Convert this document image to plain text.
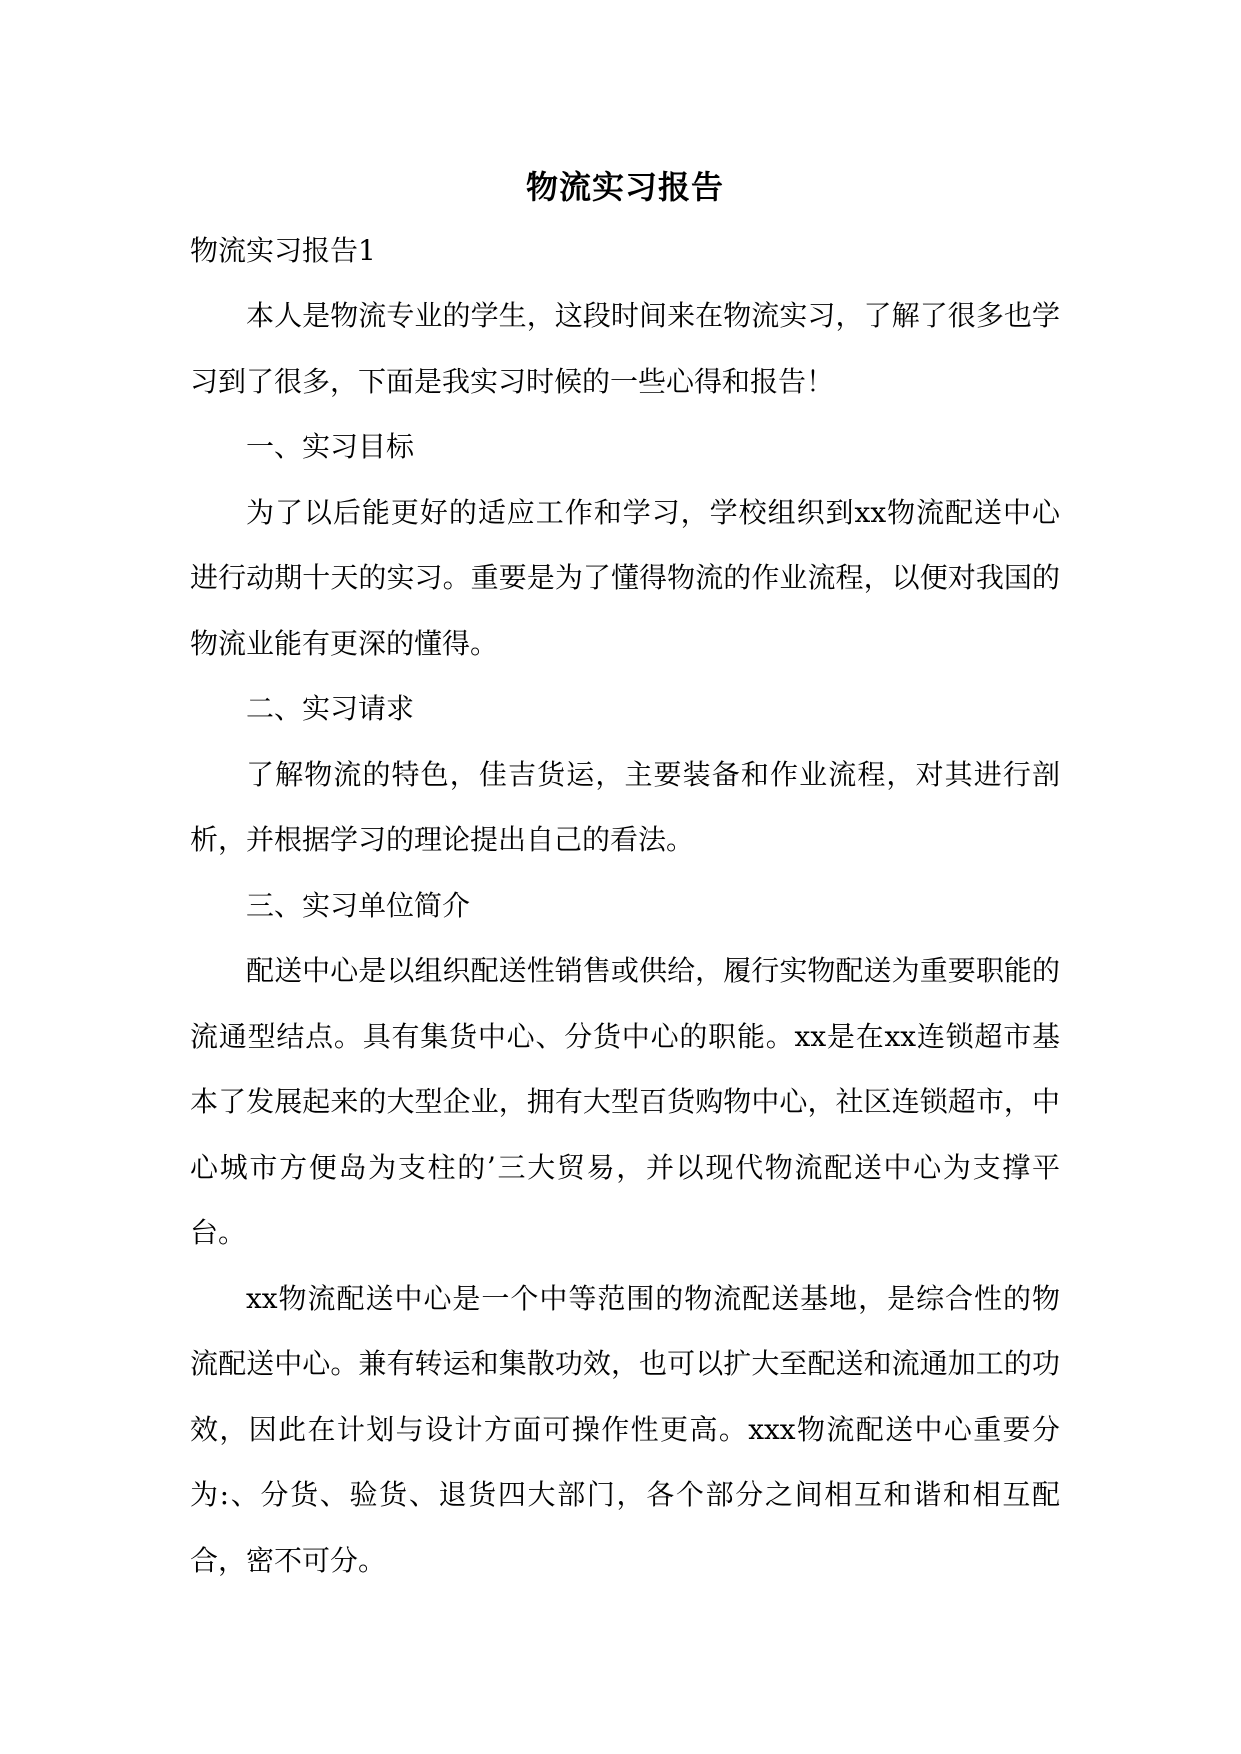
物流实习报告
物流实习报告1

本人是物流专业的学生，这段时间来在物流实习，了解了很多也学习到了很多，下面是我实习时候的一些心得和报告！

一、实习目标

为了以后能更好的适应工作和学习，学校组织到xx物流配送中心进行动期十天的实习。重要是为了懂得物流的作业流程，以便对我国的物流业能有更深的懂得。

二、实习请求

了解物流的特色，佳吉货运，主要装备和作业流程，对其进行剖析，并根据学习的理论提出自己的看法。

三、实习单位简介

配送中心是以组织配送性销售或供给，履行实物配送为重要职能的流通型结点。具有集货中心、分货中心的职能。xx是在xx连锁超市基本了发展起来的大型企业，拥有大型百货购物中心，社区连锁超市，中心城市方便岛为支柱的’三大贸易，并以现代物流配送中心为支撑平台。

xx物流配送中心是一个中等范围的物流配送基地，是综合性的物流配送中心。兼有转运和集散功效，也可以扩大至配送和流通加工的功效，因此在计划与设计方面可操作性更高。xxx物流配送中心重要分为:、分货、验货、退货四大部门，各个部分之间相互和谐和相互配合，密不可分。
